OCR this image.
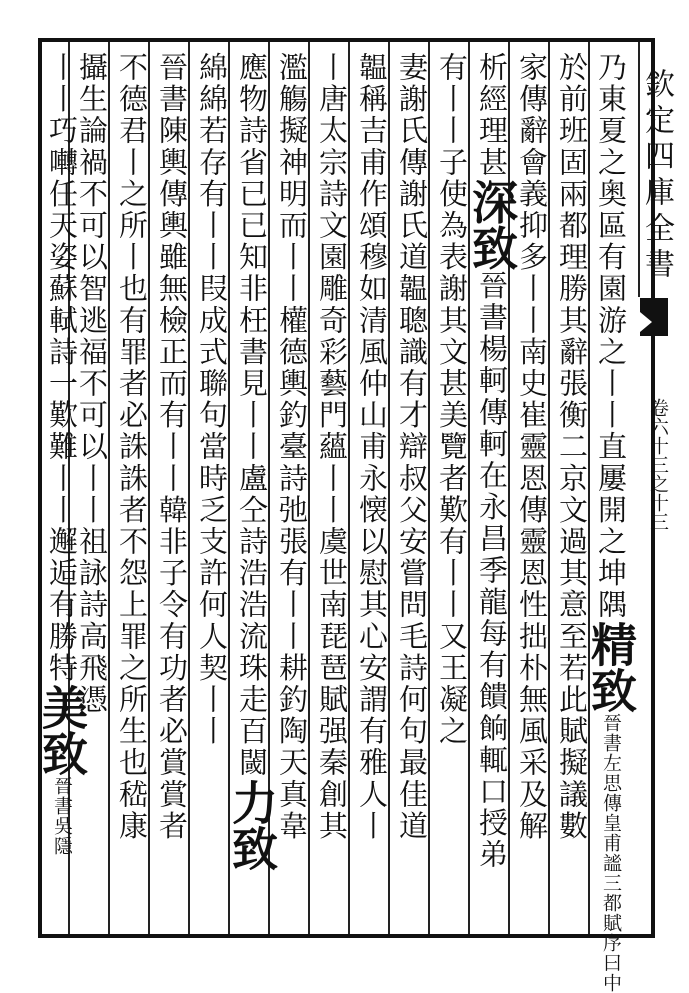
欽定四庫全書
卷六十三之十三
乃東夏之奥區有園游之丨丨直屢開之坤隅精致晉書左思傳皇甫謐三都賦序曰中
於前班固兩都理勝其辭張衡二京文過其意至若此賦擬議數
家傳辭會義抑多丨丨南史崔靈恩傳靈恩性拙朴無風采及解
析經理甚深致晉書楊軻傳軻在永昌季龍每有饋餉輒口授弟
有丨丨子使為表謝其文甚美覽者歎有丨丨又王凝之
妻謝氏傳謝氏道韞聰識有才辯叔父安嘗問毛詩何句最佳道
韞稱吉甫作頌穆如清風仲山甫永懐以慰其心安謂有雅人丨
丨唐太宗詩文園雕奇彩藝門蘊丨丨虞世南琵琶賦强秦創其
濫觴擬神明而丨丨權德輿釣臺詩弛張有丨丨耕釣陶天真韋
應物詩省已已知非枉書見丨丨盧仝詩浩浩流珠走百閾力致
綿綿若存有丨丨叚成式聯句當時乏支許何人契丨丨
晉書陳輿傳輿雖無檢正而有丨丨韓非子令有功者必賞賞者
不德君丨之所丨也有罪者必誅誅者不怨上罪之所生也嵇康
攝生論禍不可以智逃福不可以丨丨祖詠詩高飛憑
丨丨巧囀任天姿蘇軾詩一歎難丨丨邂逅有勝特美致晉書吳隱
